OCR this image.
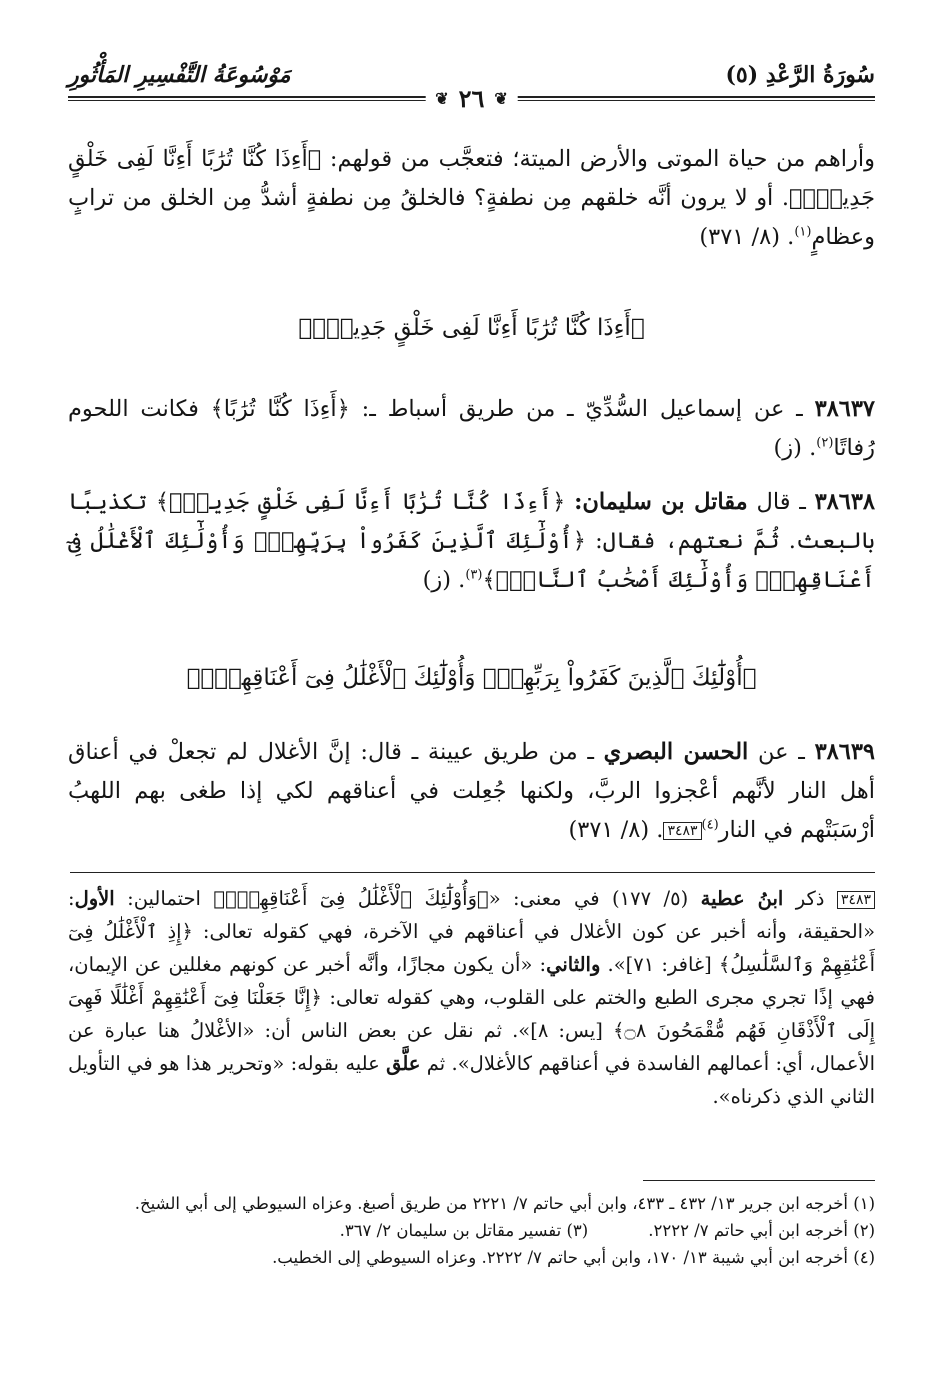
سُورَةُ الرَّعْدِ (٥)
مَوْسُوعَةُ التَّفْسِيرِ المَأْثُورِ
❦
٢٦
❦

وأراهم من حياة الموتى والأرض الميتة؛ فتعجَّب من قولهم: ﴿أَءِذَا كُنَّا تُرَٰبًا أَءِنَّا لَفِى خَلْقٍ جَدِيدٍۗ﴾. أو لا يرون أنَّه خلقهم مِن نطفةٍ؟ فالخلقُ مِن نطفةٍ أشدُّ مِن الخلق من ترابٍ وعظامٍ$^{(١)}$. (٨/ ٣٧١)

﴿أَءِذَا كُنَّا تُرَٰبًا أَءِنَّا لَفِى خَلْقٍ جَدِيدٍۗ﴾

٣٨٦٣٧ ـ عن إسماعيل السُّدِّيّ ـ من طريق أسباط ـ: ﴿أَءِذَا كُنَّا تُرَٰبًا﴾ فكانت اللحوم رُفاتًا$^{(٢)}$. (ز)

٣٨٦٣٨ ـ قال مقاتل بن سليمان: ﴿أَءِذَا كُنَّا تُرَٰبًا أَءِنَّا لَفِى خَلْقٍ جَدِيدٍۗ﴾ تكذيبًا بالبعث. ثُمَّ نعتهم، فقال: ﴿أُوْلَٰٓئِكَ ٱلَّذِينَ كَفَرُواْ بِرَبِّهِمْۖ وَأُوْلَٰٓئِكَ ٱلْأَغْلَٰلُ فِىٓ أَعْنَاقِهِمْۖ وَأُوْلَٰٓئِكَ أَصْحَٰبُ ٱلنَّارِۖ﴾$^{(٣)}$. (ز)

﴿أُوْلَٰٓئِكَ ٱلَّذِينَ كَفَرُواْ بِرَبِّهِمْۖ وَأُوْلَٰٓئِكَ ٱلْأَغْلَٰلُ فِىٓ أَعْنَاقِهِمْۖ﴾

٣٨٦٣٩ ـ عن الحسن البصري ـ من طريق عيينة ـ قال: إنَّ الأغلال لم تجعلْ في أعناق أهل النار لأنَّهم أعْجزوا الربَّ، ولكنها جُعِلت في أعناقهم لكي إذا طغى بهم اللهبُ أرْسَبَتْهم في النار$^{(٤)}$٣٤٨٣. (٨/ ٣٧١)

٣٤٨٣ ذكر ابنُ عطية (٥/ ١٧٧) في معنى: «﴿وَأُوْلَٰٓئِكَ ٱلْأَغْلَٰلُ فِىٓ أَعْنَاقِهِمْۖ﴾ احتمالين: الأول: «الحقيقة، وأنه أخبر عن كون الأغلال في أعناقهم في الآخرة، فهي كقوله تعالى: ﴿إِذِ ٱلْأَغْلَٰلُ فِىٓ أَعْنَٰقِهِمْ وَٱلسَّلَٰسِلُ﴾ [غافر: ٧١]». والثاني: «أن يكون مجازًا، وأنَّه أخبر عن كونهم مغللين عن الإيمان، فهي إذًا تجري مجرى الطبع والختم على القلوب، وهي كقوله تعالى: ﴿إِنَّا جَعَلْنَا فِىٓ أَعْنَٰقِهِمْ أَغْلَٰلًا فَهِىَ إِلَى ٱلْأَذْقَانِ فَهُم مُّقْمَحُونَ ۝٨﴾ [يس: ٨]». ثم نقل عن بعض الناس أن: «الأغْلالُ هنا عبارة عن الأعمال، أي: أعمالهم الفاسدة في أعناقهم كالأغلال». ثم علَّق عليه بقوله: «وتحرير هذا هو في التأويل الثاني الذي ذكرناه».

(١) أخرجه ابن جرير ١٣/ ٤٣٢ ـ ٤٣٣، وابن أبي حاتم ٧/ ٢٢٢١ من طريق أصبغ. وعزاه السيوطي إلى أبي الشيخ.
(٢) أخرجه ابن أبي حاتم ٧/ ٢٢٢٢.
(٣) تفسير مقاتل بن سليمان ٢/ ٣٦٧.
(٤) أخرجه ابن أبي شيبة ١٣/ ١٧٠، وابن أبي حاتم ٧/ ٢٢٢٢. وعزاه السيوطي إلى الخطيب.
